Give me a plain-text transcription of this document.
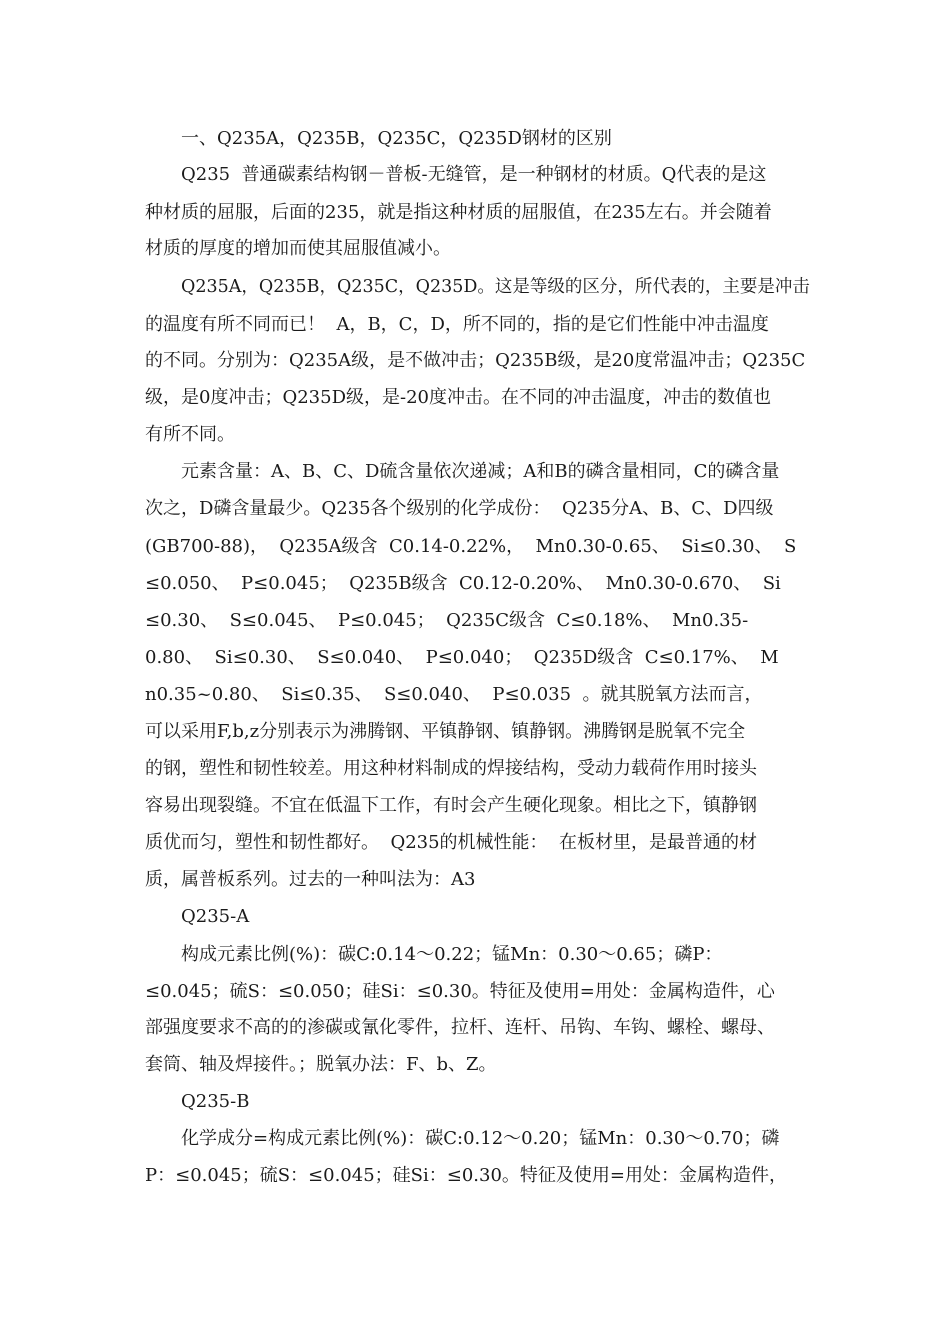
一、Q235A，Q235B，Q235C，Q235D钢材的区别
Q235  普通碳素结构钢－普板-无缝管，是一种钢材的材质。Q代表的是这
种材质的屈服，后面的235，就是指这种材质的屈服值，在235左右。并会随着
材质的厚度的增加而使其屈服值减小。
Q235A，Q235B，Q235C，Q235D。这是等级的区分，所代表的，主要是冲击
的温度有所不同而已！  A，B，C，D，所不同的，指的是它们性能中冲击温度
的不同。分别为：Q235A级，是不做冲击；Q235B级，是20度常温冲击；Q235C
级，是0度冲击；Q235D级，是-20度冲击。在不同的冲击温度，冲击的数值也
有所不同。
元素含量：A、B、C、D硫含量依次递减；A和B的磷含量相同，C的磷含量
次之，D磷含量最少。Q235各个级别的化学成份：  Q235分A、B、C、D四级
(GB700-88)，  Q235A级含  C0.14-0.22%，  Mn0.30-0.65、  Si≤0.30、  S
≤0.050、  P≤0.045；  Q235B级含  C0.12-0.20%、  Mn0.30-0.670、  Si
≤0.30、  S≤0.045、  P≤0.045；  Q235C级含  C≤0.18%、  Mn0.35-
0.80、  Si≤0.30、  S≤0.040、  P≤0.040；  Q235D级含  C≤0.17%、  M
n0.35~0.80、  Si≤0.35、  S≤0.040、  P≤0.035  。就其脱氧方法而言，
可以采用F,b,z分别表示为沸腾钢、平镇静钢、镇静钢。沸腾钢是脱氧不完全
的钢，塑性和韧性较差。用这种材料制成的焊接结构，受动力载荷作用时接头
容易出现裂缝。不宜在低温下工作，有时会产生硬化现象。相比之下，镇静钢
质优而匀，塑性和韧性都好。  Q235的机械性能：  在板材里，是最普通的材
质，属普板系列。过去的一种叫法为：A3
Q235-A
构成元素比例(%)：碳C:0.14～0.22；锰Mn：0.30～0.65；磷P：
≤0.045；硫S：≤0.050；硅Si：≤0.30。特征及使用=用处：金属构造件，心
部强度要求不高的的渗碳或氰化零件，拉杆、连杆、吊钩、车钩、螺栓、螺母、
套筒、轴及焊接件。；脱氧办法：F、b、Z。
Q235-B
化学成分=构成元素比例(%)：碳C:0.12～0.20；锰Mn：0.30～0.70；磷
P：≤0.045；硫S：≤0.045；硅Si：≤0.30。特征及使用=用处：金属构造件，
